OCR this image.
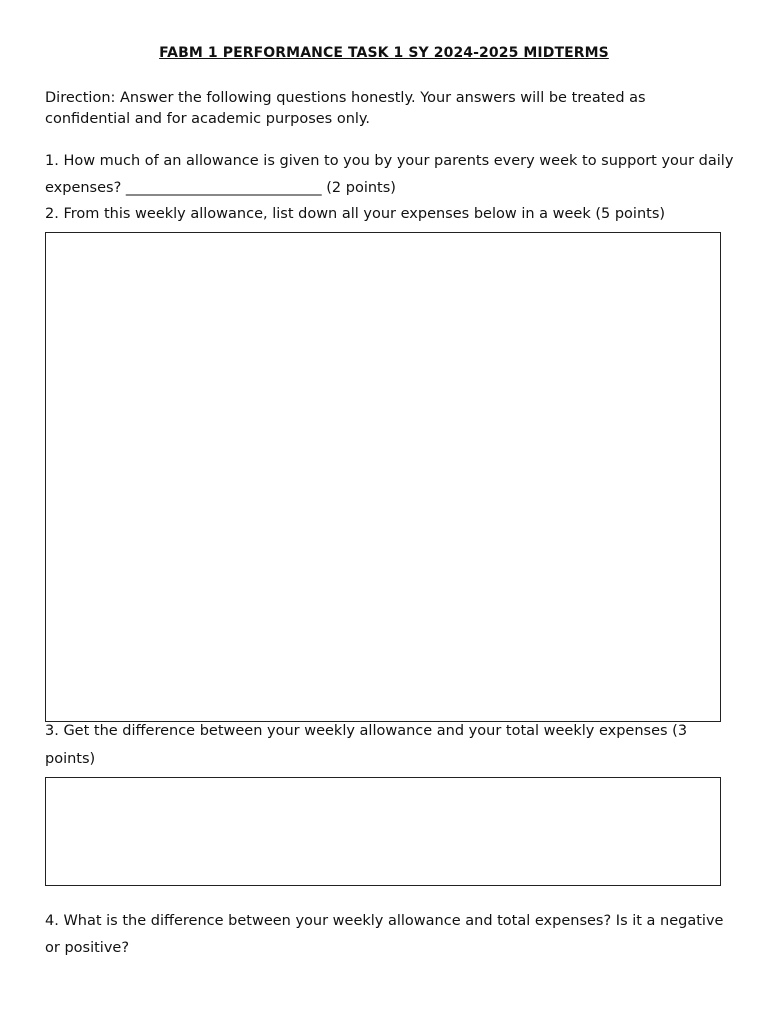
FABM 1 PERFORMANCE TASK 1 SY 2024-2025 MIDTERMS
Direction: Answer the following questions honestly. Your answers will be treated as confidential and for academic purposes only.
1. How much of an allowance is given to you by your parents every week to support your daily expenses? ___________________________ (2 points)
2. From this weekly allowance, list down all your expenses below in a week (5 points)
3. Get the difference between your weekly allowance and your total weekly expenses (3 points)
4. What is the difference between your weekly allowance and total expenses? Is it a negative or positive?
